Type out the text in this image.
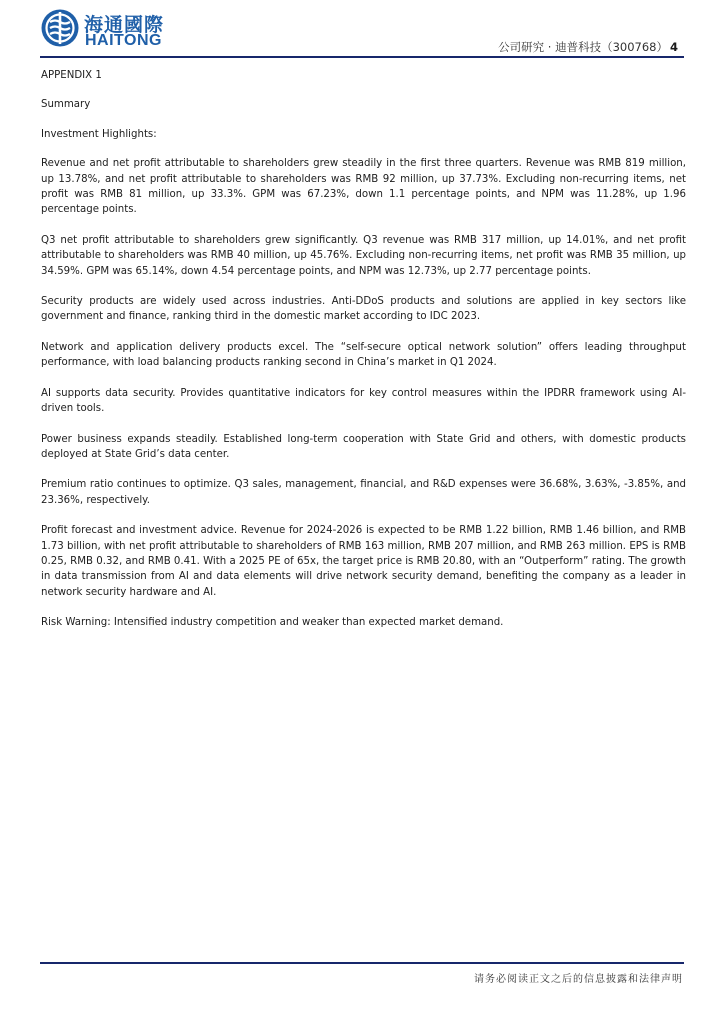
海通國際
HAITONG	公司研究 · 迪普科技（300768） 4

APPENDIX 1

Summary

Investment Highlights:

Revenue and net profit attributable to shareholders grew steadily in the first three quarters. Revenue was RMB 819 million, up 13.78%, and net profit attributable to shareholders was RMB 92 million, up 37.73%. Excluding non-recurring items, net profit was RMB 81 million, up 33.3%. GPM was 67.23%, down 1.1 percentage points, and NPM was 11.28%, up 1.96 percentage points.

Q3 net profit attributable to shareholders grew significantly. Q3 revenue was RMB 317 million, up 14.01%, and net profit attributable to shareholders was RMB 40 million, up 45.76%. Excluding non-recurring items, net profit was RMB 35 million, up 34.59%. GPM was 65.14%, down 4.54 percentage points, and NPM was 12.73%, up 2.77 percentage points.

Security products are widely used across industries. Anti-DDoS products and solutions are applied in key sectors like government and finance, ranking third in the domestic market according to IDC 2023.

Network and application delivery products excel. The “self-secure optical network solution” offers leading throughput performance, with load balancing products ranking second in China’s market in Q1 2024.

AI supports data security. Provides quantitative indicators for key control measures within the IPDRR framework using AI-driven tools.

Power business expands steadily. Established long-term cooperation with State Grid and others, with domestic products deployed at State Grid’s data center.

Premium ratio continues to optimize. Q3 sales, management, financial, and R&D expenses were 36.68%, 3.63%, -3.85%, and 23.36%, respectively.

Profit forecast and investment advice. Revenue for 2024-2026 is expected to be RMB 1.22 billion, RMB 1.46 billion, and RMB 1.73 billion, with net profit attributable to shareholders of RMB 163 million, RMB 207 million, and RMB 263 million. EPS is RMB 0.25, RMB 0.32, and RMB 0.41. With a 2025 PE of 65x, the target price is RMB 20.80, with an “Outperform” rating. The growth in data transmission from AI and data elements will drive network security demand, benefiting the company as a leader in network security hardware and AI.

Risk Warning: Intensified industry competition and weaker than expected market demand.

请务必阅读正文之后的信息披露和法律声明
